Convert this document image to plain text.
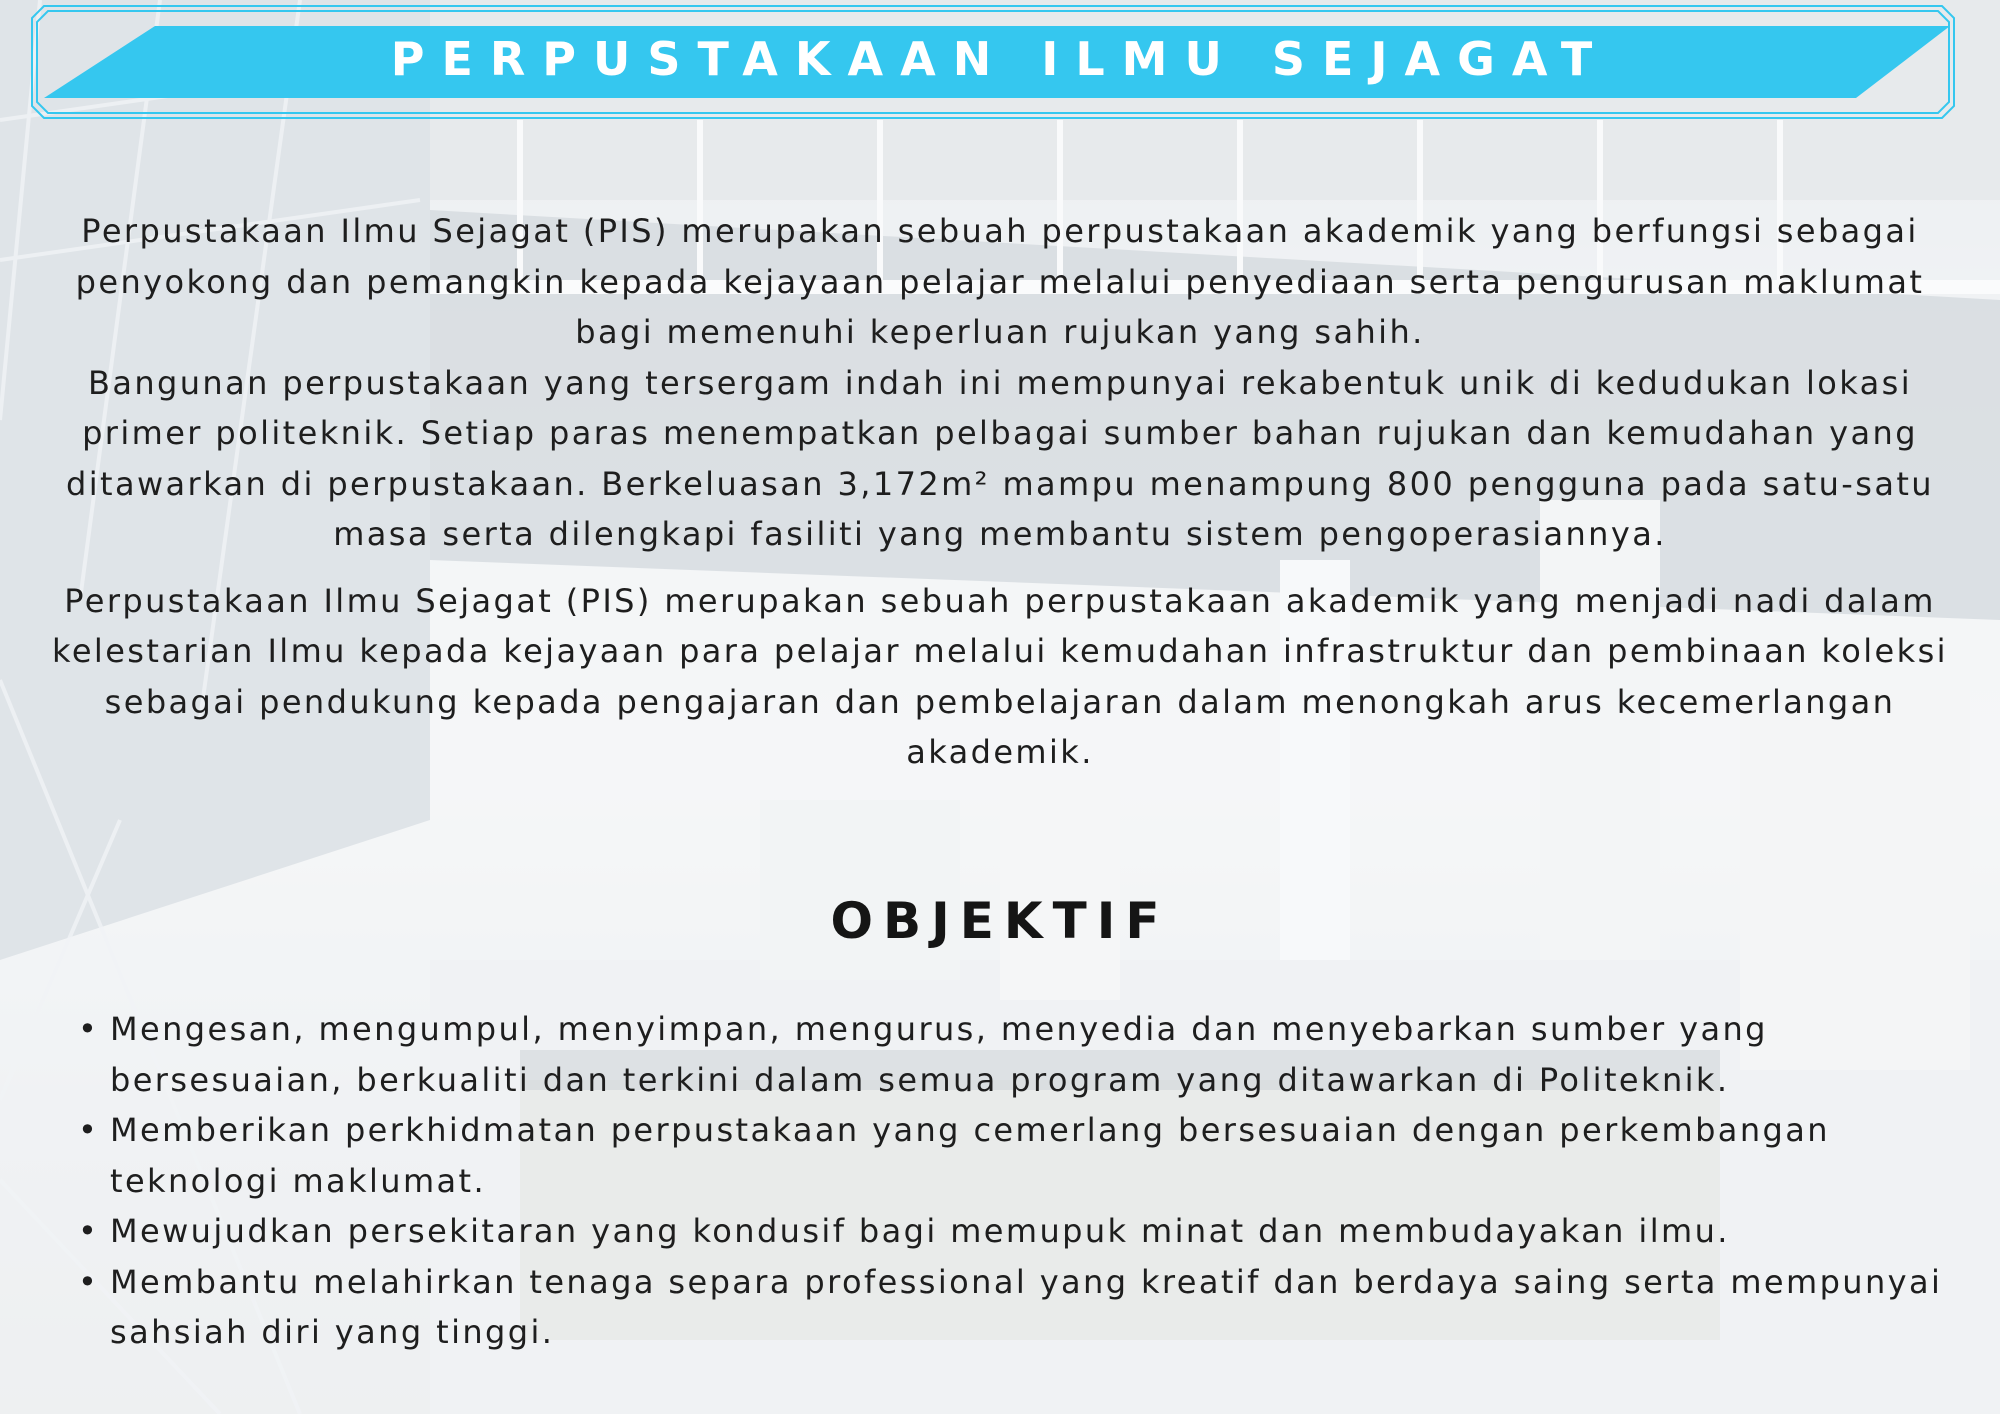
PERPUSTAKAAN ILMU SEJAGAT

Perpustakaan Ilmu Sejagat (PIS) merupakan sebuah perpustakaan akademik yang berfungsi sebagai penyokong dan pemangkin kepada kejayaan pelajar melalui penyediaan serta pengurusan maklumat bagi memenuhi keperluan rujukan yang sahih.

Bangunan perpustakaan yang tersergam indah ini mempunyai rekabentuk unik di kedudukan lokasi primer politeknik. Setiap paras menempatkan pelbagai sumber bahan rujukan dan kemudahan yang ditawarkan di perpustakaan. Berkeluasan 3,172m² mampu menampung 800 pengguna pada satu-satu masa serta dilengkapi fasiliti yang membantu sistem pengoperasiannya.

Perpustakaan Ilmu Sejagat (PIS) merupakan sebuah perpustakaan akademik yang menjadi nadi dalam kelestarian Ilmu kepada kejayaan para pelajar melalui kemudahan infrastruktur dan pembinaan koleksi sebagai pendukung kepada pengajaran dan pembelajaran dalam menongkah arus kecemerlangan akademik.

OBJEKTIF
• Mengesan, mengumpul, menyimpan, mengurus, menyedia dan menyebarkan sumber yang bersesuaian, berkualiti dan terkini dalam semua program yang ditawarkan di Politeknik.
• Memberikan perkhidmatan perpustakaan yang cemerlang bersesuaian dengan perkembangan teknologi maklumat.
• Mewujudkan persekitaran yang kondusif bagi memupuk minat dan membudayakan ilmu.
• Membantu melahirkan tenaga separa professional yang kreatif dan berdaya saing serta mempunyai sahsiah diri yang tinggi.
